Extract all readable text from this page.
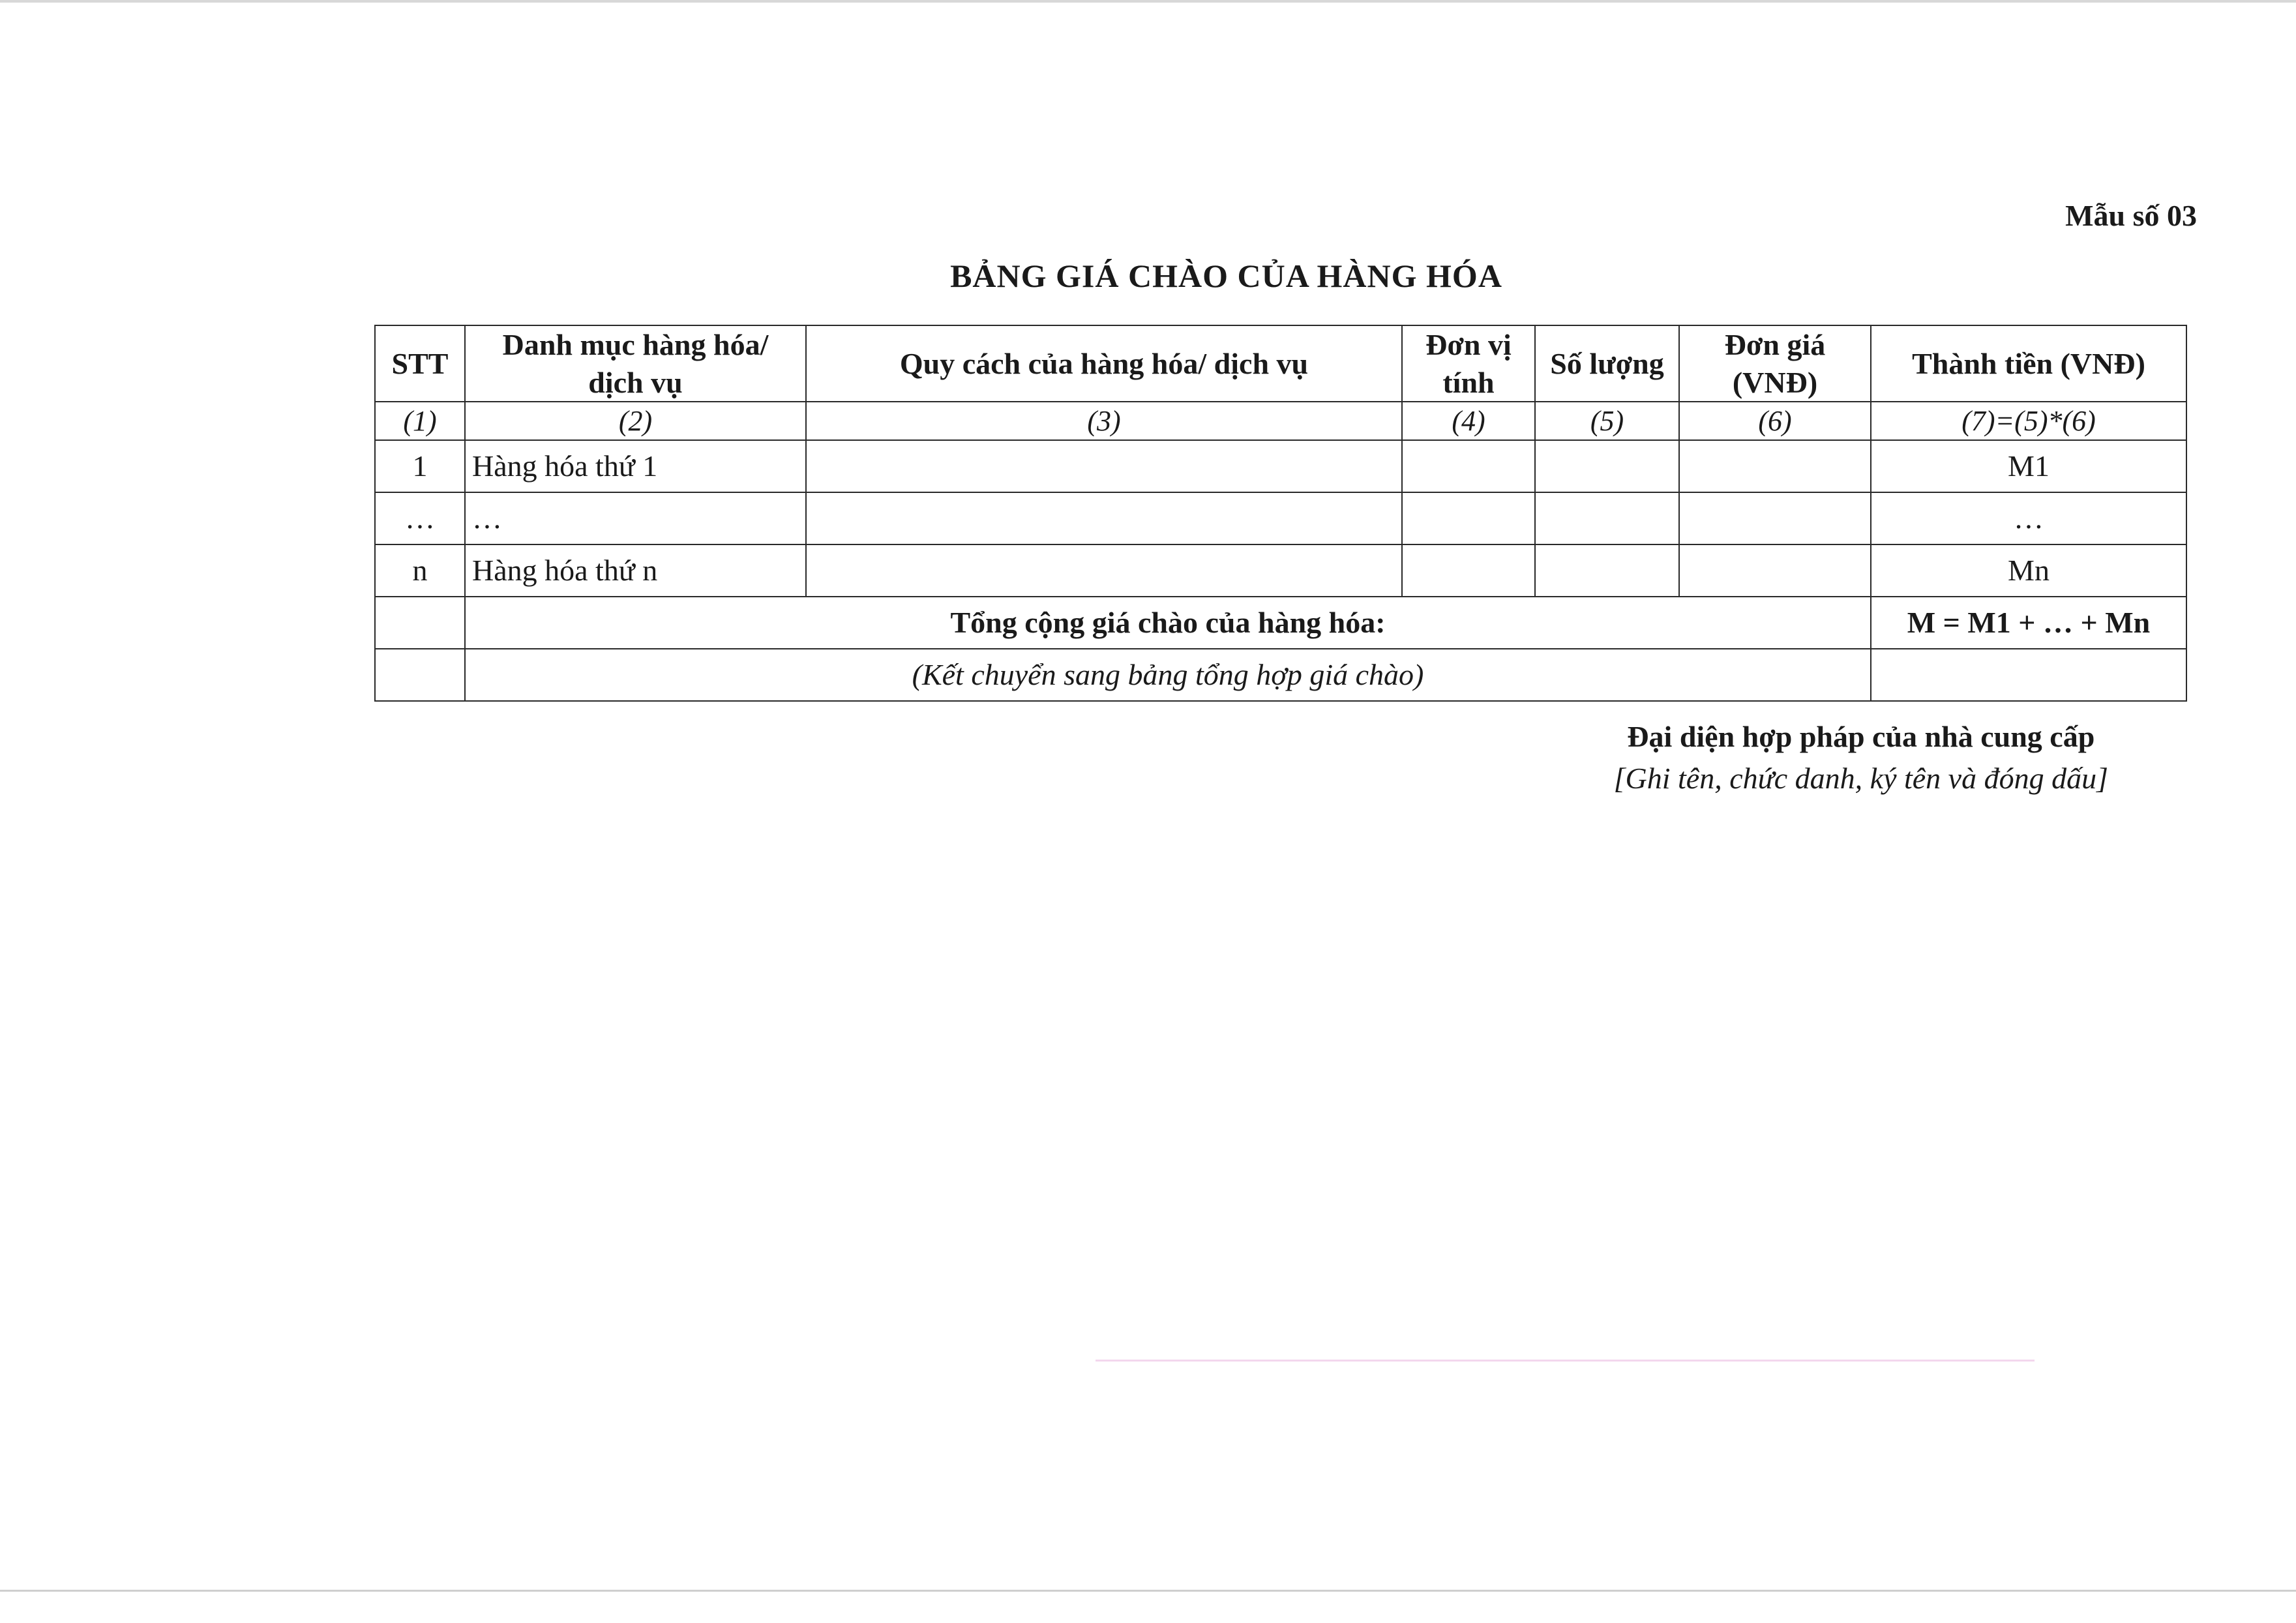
Mẫu số 03
BẢNG GIÁ CHÀO CỦA HÀNG HÓA
STT	Danh mục hàng hóa/ dịch vụ	Quy cách của hàng hóa/ dịch vụ	Đơn vị tính	Số lượng	Đơn giá (VNĐ)	Thành tiền (VNĐ)
(1)	(2)	(3)	(4)	(5)	(6)	(7)=(5)*(6)
1	Hàng hóa thứ 1					M1
…	…					…
n	Hàng hóa thứ n					Mn
	Tổng cộng giá chào của hàng hóa:					M = M1 + … + Mn
	(Kết chuyển sang bảng tổng hợp giá chào)					
Đại diện hợp pháp của nhà cung cấp
[Ghi tên, chức danh, ký tên và đóng dấu]
